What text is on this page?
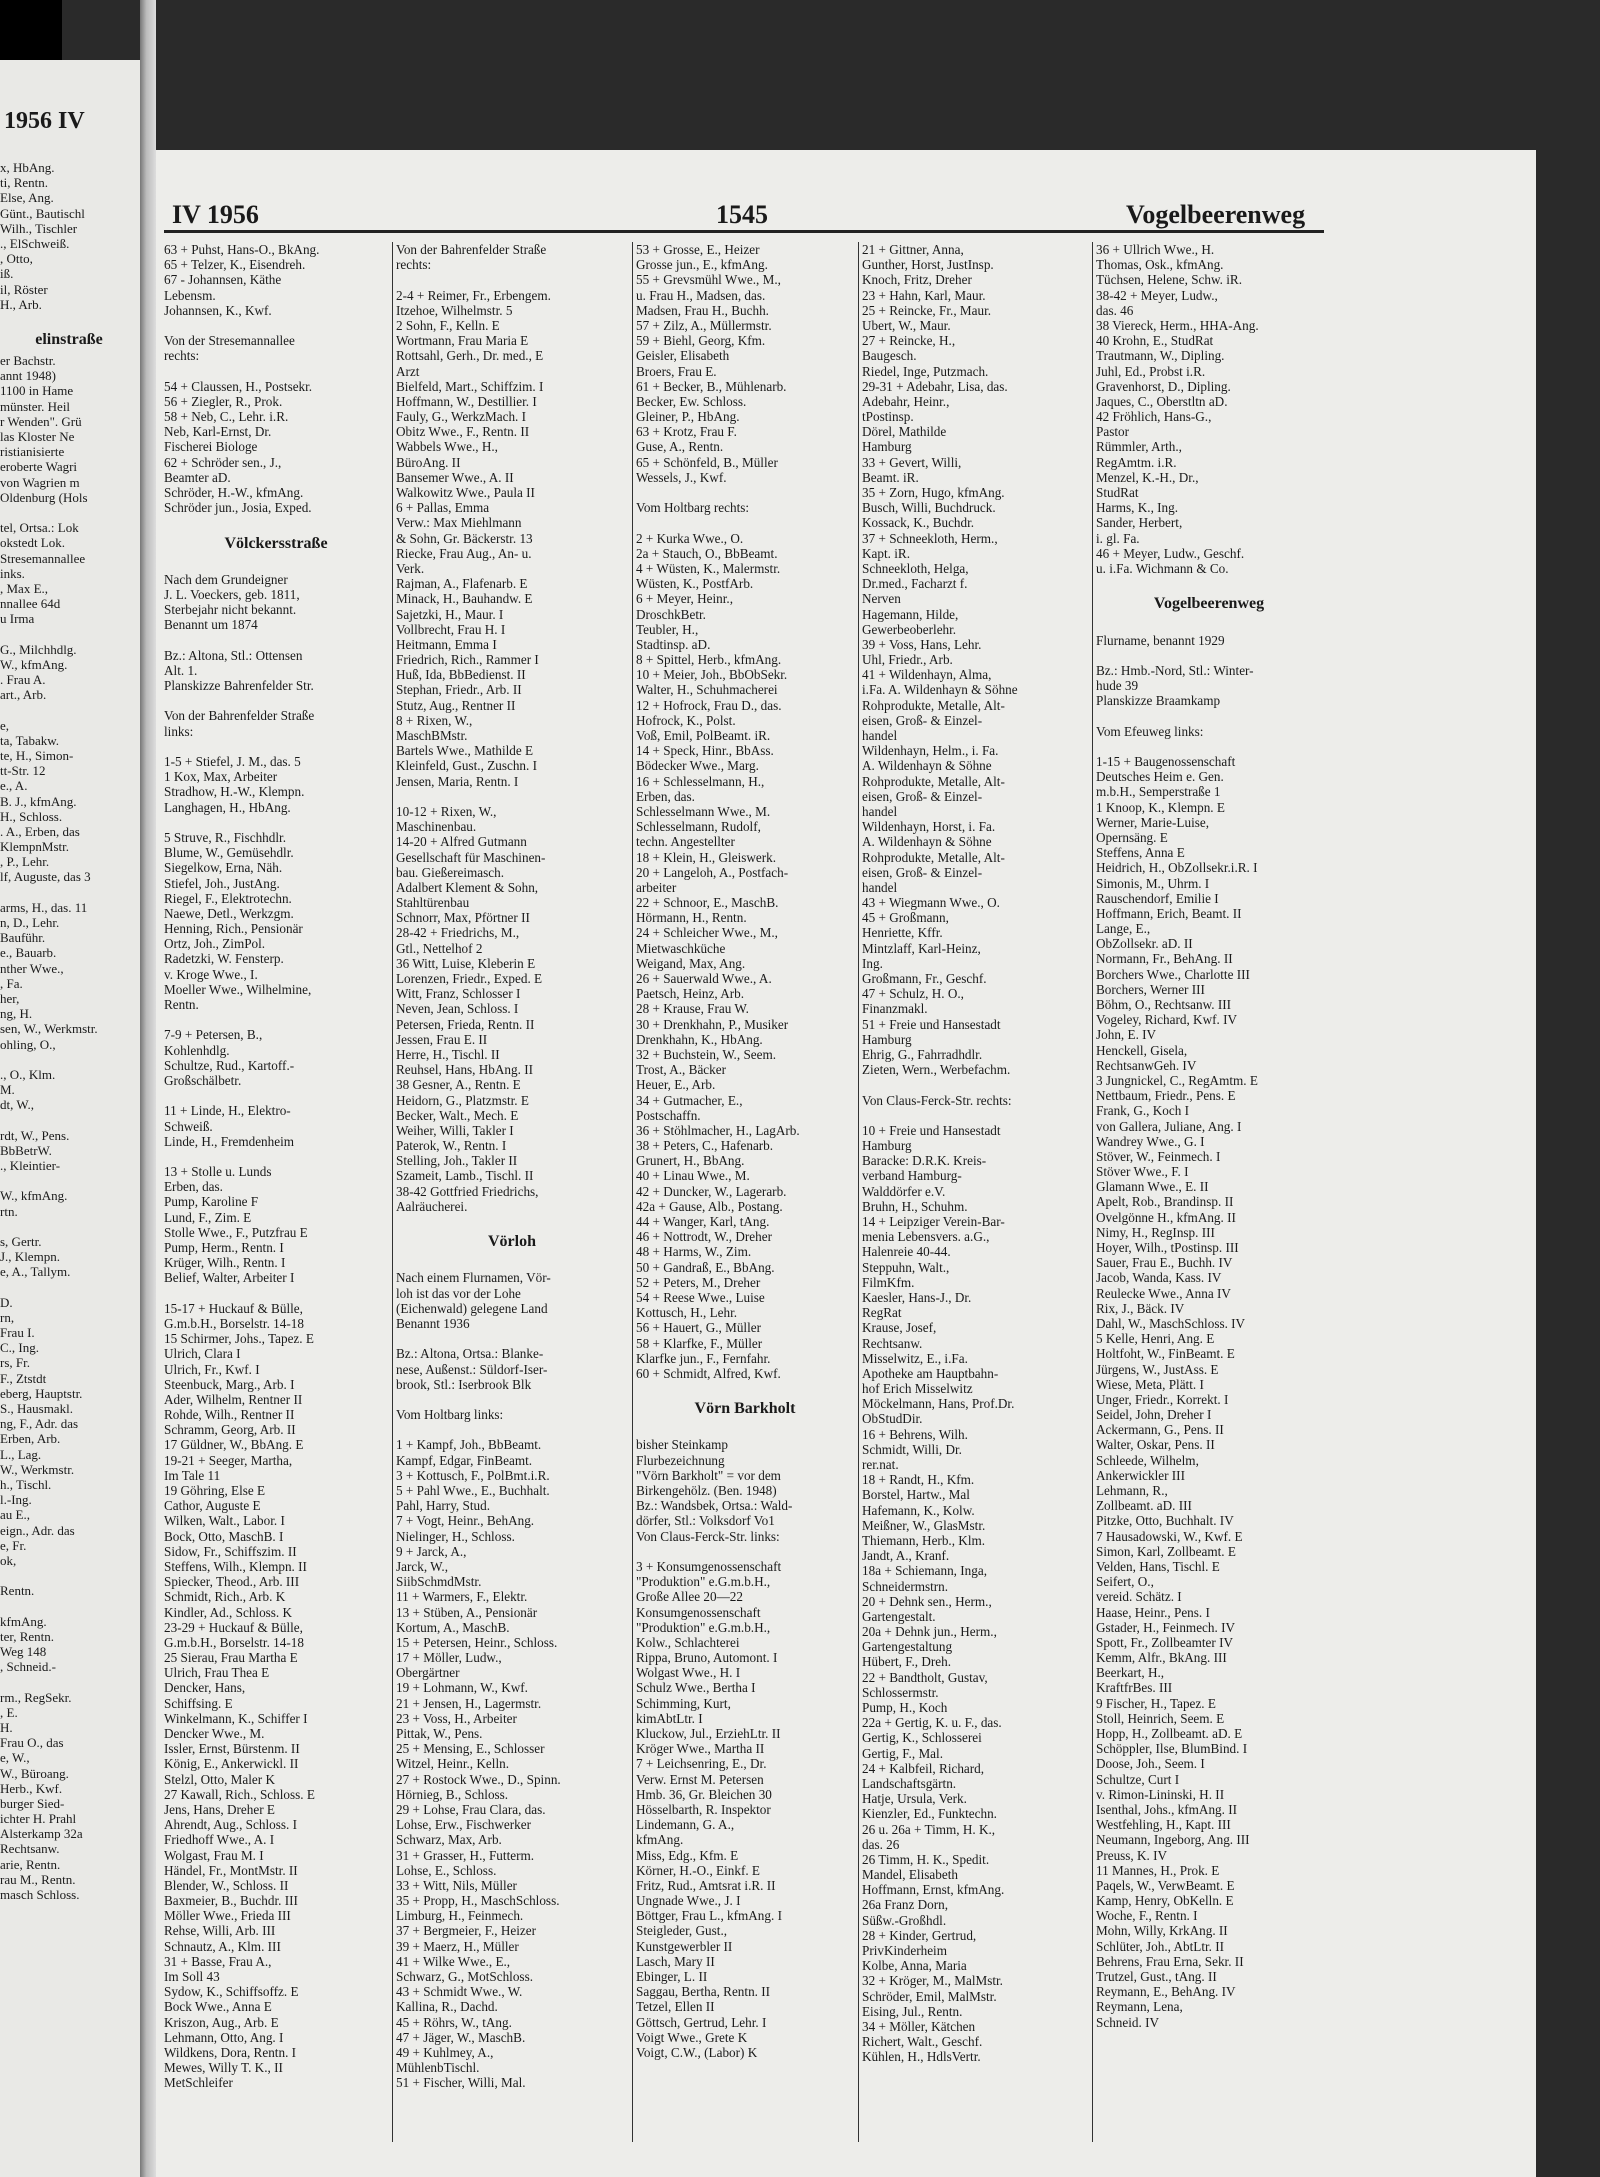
1956 IV
x, HbAng.
ti, Rentn.
Else, Ang.
Günt., Bautischl
Wilh., Tischler
., ElSchweiß.
, Otto,
iß.
il, Röster
H., Arb.
elinstraße
er Bachstr.
annt 1948)
1100 in Hame
münster. Heil
r Wenden". Grü
las Kloster Ne
ristianisierte
eroberte Wagri
von Wagrien m
Oldenburg (Hols
tel, Ortsa.: Lok
okstedt Lok.
Stresemannallee
inks.
, Max E.,
nnallee 64d
u Irma
G., Milchhdlg.
W., kfmAng.
. Frau A.
art., Arb.
e,
ta, Tabakw.
te, H., Simon-
tt-Str. 12
e., A.
B. J., kfmAng.
H., Schloss.
. A., Erben, das
KlempnMstr.
, P., Lehr.
lf, Auguste, das 3
arms, H., das. 11
n, D., Lehr.
Bauführ.
e., Bauarb.
nther Wwe.,
, Fa.
her,
ng, H.
sen, W., Werkmstr.
ohling, O.,
., O., Klm.
M.
dt, W.,
rdt, W., Pens.
BbBetrW.
., Kleintier-
W., kfmAng.
rtn.
s, Gertr.
J., Klempn.
e, A., Tallym.
D.
rn,
Frau I.
C., Ing.
rs, Fr.
F., Ztstdt
eberg, Hauptstr.
S., Hausmakl.
ng, F., Adr. das
Erben, Arb.
L., Lag.
W., Werkmstr.
h., Tischl.
l.-Ing.
au E.,
eign., Adr. das
e, Fr.
ok,
Rentn.
kfmAng.
ter, Rentn.
Weg 148
, Schneid.-
rm., RegSekr.
, E.
H.
Frau O., das
e, W.,
W., Büroang.
Herb., Kwf.
burger Sied-
ichter H. Prahl
Alsterkamp 32a
Rechtsanw.
arie, Rentn.
rau M., Rentn.
masch Schloss.
IV 1956	1545	Vogelbeerenweg
63 + Puhst, Hans-O., BkAng.
65 + Telzer, K., Eisendreh.
67 - Johannsen, Käthe
Lebensm.
Johannsen, K., Kwf.
Von der Stresemannallee
rechts:
54 + Claussen, H., Postsekr.
56 + Ziegler, R., Prok.
58 + Neb, C., Lehr. i.R.
Neb, Karl-Ernst, Dr.
Fischerei Biologe
62 + Schröder sen., J.,
Beamter aD.
Schröder, H.-W., kfmAng.
Schröder jun., Josia, Exped.
Völckersstraße
Nach dem Grundeigner
J. L. Voeckers, geb. 1811,
Sterbejahr nicht bekannt.
Benannt um 1874
Bz.: Altona, Stl.: Ottensen
Alt. 1.
Planskizze Bahrenfelder Str.
Von der Bahrenfelder Straße
links:
1-5 + Stiefel, J. M., das. 5
1 Kox, Max, Arbeiter
Stradhow, H.-W., Klempn.
Langhagen, H., HbAng.
5 Struve, R., Fischhdlr.
Blume, W., Gemüsehdlr.
Siegelkow, Erna, Näh.
Stiefel, Joh., JustAng.
Riegel, F., Elektrotechn.
Naewe, Detl., Werkzgm.
Henning, Rich., Pensionär
Ortz, Joh., ZimPol.
Radetzki, W. Fensterp.
v. Kroge Wwe., I.
Moeller Wwe., Wilhelmine,
Rentn.
7-9 + Petersen, B.,
Kohlenhdlg.
Schultze, Rud., Kartoff.-
Großschälbetr.
11 + Linde, H., Elektro-
Schweiß.
Linde, H., Fremdenheim
13 + Stolle u. Lunds
Erben, das.
Pump, Karoline F
Lund, F., Zim. E
Stolle Wwe., F., Putzfrau E
Pump, Herm., Rentn. I
Krüger, Wilh., Rentn. I
Belief, Walter, Arbeiter I
15-17 + Huckauf & Bülle,
G.m.b.H., Borselstr. 14-18
15 Schirmer, Johs., Tapez. E
Ulrich, Clara I
Ulrich, Fr., Kwf. I
Steenbuck, Marg., Arb. I
Ader, Wilhelm, Rentner II
Rohde, Wilh., Rentner II
Schramm, Georg, Arb. II
17 Güldner, W., BbAng. E
19-21 + Seeger, Martha,
Im Tale 11
19 Göhring, Else E
Cathor, Auguste E
Wilken, Walt., Labor. I
Bock, Otto, MaschB. I
Sidow, Fr., Schiffszim. II
Steffens, Wilh., Klempn. II
Spiecker, Theod., Arb. III
Schmidt, Rich., Arb. K
Kindler, Ad., Schloss. K
23-29 + Huckauf & Bülle,
G.m.b.H., Borselstr. 14-18
25 Sierau, Frau Martha E
Ulrich, Frau Thea E
Dencker, Hans,
Schiffsing. E
Winkelmann, K., Schiffer I
Dencker Wwe., M.
Issler, Ernst, Bürstenm. II
König, E., Ankerwickl. II
Stelzl, Otto, Maler K
27 Kawall, Rich., Schloss. E
Jens, Hans, Dreher E
Ahrendt, Aug., Schloss. I
Friedhoff Wwe., A. I
Wolgast, Frau M. I
Händel, Fr., MontMstr. II
Blender, W., Schloss. II
Baxmeier, B., Buchdr. III
Möller Wwe., Frieda III
Rehse, Willi, Arb. III
Schnautz, A., Klm. III
31 + Basse, Frau A.,
Im Soll 43
Sydow, K., Schiffsoffz. E
Bock Wwe., Anna E
Kriszon, Aug., Arb. E
Lehmann, Otto, Ang. I
Wildkens, Dora, Rentn. I
Mewes, Willy T. K., II
MetSchleifer
Von der Bahrenfelder Straße
rechts:
2-4 + Reimer, Fr., Erbengem.
Itzehoe, Wilhelmstr. 5
2 Sohn, F., Kelln. E
Wortmann, Frau Maria E
Rottsahl, Gerh., Dr. med., E
Arzt
Bielfeld, Mart., Schiffzim. I
Hoffmann, W., Destillier. I
Fauly, G., WerkzMach. I
Obitz Wwe., F., Rentn. II
Wabbels Wwe., H.,
BüroAng. II
Bansemer Wwe., A. II
Walkowitz Wwe., Paula II
6 + Pallas, Emma
Verw.: Max Miehlmann
& Sohn, Gr. Bäckerstr. 13
Riecke, Frau Aug., An- u.
Verk.
Rajman, A., Flafenarb. E
Minack, H., Bauhandw. E
Sajetzki, H., Maur. I
Vollbrecht, Frau H. I
Heitmann, Emma I
Friedrich, Rich., Rammer I
Huß, Ida, BbBedienst. II
Stephan, Friedr., Arb. II
Stutz, Aug., Rentner II
8 + Rixen, W.,
MaschBMstr.
Bartels Wwe., Mathilde E
Kleinfeld, Gust., Zuschn. I
Jensen, Maria, Rentn. I
10-12 + Rixen, W.,
Maschinenbau.
14-20 + Alfred Gutmann
Gesellschaft für Maschinen-
bau. Gießereimasch.
Adalbert Klement & Sohn,
Stahltürenbau
Schnorr, Max, Pförtner II
28-42 + Friedrichs, M.,
Gtl., Nettelhof 2
36 Witt, Luise, Kleberin E
Lorenzen, Friedr., Exped. E
Witt, Franz, Schlosser I
Neven, Jean, Schloss. I
Petersen, Frieda, Rentn. II
Jessen, Frau E. II
Herre, H., Tischl. II
Reuhsel, Hans, HbAng. II
38 Gesner, A., Rentn. E
Heidorn, G., Platzmstr. E
Becker, Walt., Mech. E
Weiher, Willi, Takler I
Paterok, W., Rentn. I
Stelling, Joh., Takler II
Szameit, Lamb., Tischl. II
38-42 Gottfried Friedrichs,
Aalräucherei.
Vörloh
Nach einem Flurnamen, Vör-
loh ist das vor der Lohe
(Eichenwald) gelegene Land
Benannt 1936
Bz.: Altona, Ortsa.: Blanke-
nese, Außenst.: Süldorf-Iser-
brook, Stl.: Iserbrook Blk
Vom Holtbarg links:
1 + Kampf, Joh., BbBeamt.
Kampf, Edgar, FinBeamt.
3 + Kottusch, F., PolBmt.i.R.
5 + Pahl Wwe., E., Buchhalt.
Pahl, Harry, Stud.
7 + Vogt, Heinr., BehAng.
Nielinger, H., Schloss.
9 + Jarck, A.,
Jarck, W.,
SiibSchmdMstr.
11 + Warmers, F., Elektr.
13 + Stüben, A., Pensionär
Kortum, A., MaschB.
15 + Petersen, Heinr., Schloss.
17 + Möller, Ludw.,
Obergärtner
19 + Lohmann, W., Kwf.
21 + Jensen, H., Lagermstr.
23 + Voss, H., Arbeiter
Pittak, W., Pens.
25 + Mensing, E., Schlosser
Witzel, Heinr., Kelln.
27 + Rostock Wwe., D., Spinn.
Hörnieg, B., Schloss.
29 + Lohse, Frau Clara, das.
Lohse, Erw., Fischwerker
Schwarz, Max, Arb.
31 + Grasser, H., Futterm.
Lohse, E., Schloss.
33 + Witt, Nils, Müller
35 + Propp, H., MaschSchloss.
Limburg, H., Feinmech.
37 + Bergmeier, F., Heizer
39 + Maerz, H., Müller
41 + Wilke Wwe., E.,
Schwarz, G., MotSchloss.
43 + Schmidt Wwe., W.
Kallina, R., Dachd.
45 + Röhrs, W., tAng.
47 + Jäger, W., MaschB.
49 + Kuhlmey, A.,
MühlenbTischl.
51 + Fischer, Willi, Mal.
53 + Grosse, E., Heizer
Grosse jun., E., kfmAng.
55 + Grevsmühl Wwe., M.,
u. Frau H., Madsen, das.
Madsen, Frau H., Buchh.
57 + Zilz, A., Müllermstr.
59 + Biehl, Georg, Kfm.
Geisler, Elisabeth
Broers, Frau E.
61 + Becker, B., Mühlenarb.
Becker, Ew. Schloss.
Gleiner, P., HbAng.
63 + Krotz, Frau F.
Guse, A., Rentn.
65 + Schönfeld, B., Müller
Wessels, J., Kwf.
Vom Holtbarg rechts:
2 + Kurka Wwe., O.
2a + Stauch, O., BbBeamt.
4 + Wüsten, K., Malermstr.
Wüsten, K., PostfArb.
6 + Meyer, Heinr.,
DroschkBetr.
Teubler, H.,
Stadtinsp. aD.
8 + Spittel, Herb., kfmAng.
10 + Meier, Joh., BbObSekr.
Walter, H., Schuhmacherei
12 + Hofrock, Frau D., das.
Hofrock, K., Polst.
Voß, Emil, PolBeamt. iR.
14 + Speck, Hinr., BbAss.
Bödecker Wwe., Marg.
16 + Schlesselmann, H.,
Erben, das.
Schlesselmann Wwe., M.
Schlesselmann, Rudolf,
techn. Angestellter
18 + Klein, H., Gleiswerk.
20 + Langeloh, A., Postfach-
arbeiter
22 + Schnoor, E., MaschB.
Hörmann, H., Rentn.
24 + Schleicher Wwe., M.,
Mietwaschküche
Weigand, Max, Ang.
26 + Sauerwald Wwe., A.
Paetsch, Heinz, Arb.
28 + Krause, Frau W.
30 + Drenkhahn, P., Musiker
Drenkhahn, K., HbAng.
32 + Buchstein, W., Seem.
Trost, A., Bäcker
Heuer, E., Arb.
34 + Gutmacher, E.,
Postschaffn.
36 + Stöhlmacher, H., LagArb.
38 + Peters, C., Hafenarb.
Grunert, H., BbAng.
40 + Linau Wwe., M.
42 + Duncker, W., Lagerarb.
42a + Gause, Alb., Postang.
44 + Wanger, Karl, tAng.
46 + Nottrodt, W., Dreher
48 + Harms, W., Zim.
50 + Gandraß, E., BbAng.
52 + Peters, M., Dreher
54 + Reese Wwe., Luise
Kottusch, H., Lehr.
56 + Hauert, G., Müller
58 + Klarfke, F., Müller
Klarfke jun., F., Fernfahr.
60 + Schmidt, Alfred, Kwf.
Vörn Barkholt
bisher Steinkamp
Flurbezeichnung
"Vörn Barkholt" = vor dem
Birkengehölz. (Ben. 1948)
Bz.: Wandsbek, Ortsa.: Wald-
dörfer, Stl.: Volksdorf Vo1
Von Claus-Ferck-Str. links:
3 + Konsumgenossenschaft
"Produktion" e.G.m.b.H.,
Große Allee 20—22
Konsumgenossenschaft
"Produktion" e.G.m.b.H.,
Kolw., Schlachterei
Rippa, Bruno, Automont. I
Wolgast Wwe., H. I
Schulz Wwe., Bertha I
Schimming, Kurt,
kimAbtLtr. I
Kluckow, Jul., ErziehLtr. II
Kröger Wwe., Martha II
7 + Leichsenring, E., Dr.
Verw. Ernst M. Petersen
Hmb. 36, Gr. Bleichen 30
Hösselbarth, R. Inspektor
Lindemann, G. A.,
kfmAng.
Miss, Edg., Kfm. E
Körner, H.-O., Einkf. E
Fritz, Rud., Amtsrat i.R. II
Ungnade Wwe., J. I
Böttger, Frau L., kfmAng. I
Steigleder, Gust.,
Kunstgewerbler II
Lasch, Mary II
Ebinger, L. II
Saggau, Bertha, Rentn. II
Tetzel, Ellen II
Göttsch, Gertrud, Lehr. I
Voigt Wwe., Grete K
Voigt, C.W., (Labor) K
21 + Gittner, Anna,
Gunther, Horst, JustInsp.
Knoch, Fritz, Dreher
23 + Hahn, Karl, Maur.
25 + Reincke, Fr., Maur.
Ubert, W., Maur.
27 + Reincke, H.,
Baugesch.
Riedel, Inge, Putzmach.
29-31 + Adebahr, Lisa, das.
Adebahr, Heinr.,
tPostinsp.
Dörel, Mathilde
Hamburg
33 + Gevert, Willi,
Beamt. iR.
35 + Zorn, Hugo, kfmAng.
Busch, Willi, Buchdruck.
Kossack, K., Buchdr.
37 + Schneekloth, Herm.,
Kapt. iR.
Schneekloth, Helga,
Dr.med., Facharzt f.
Nerven
Hagemann, Hilde,
Gewerbeoberlehr.
39 + Voss, Hans, Lehr.
Uhl, Friedr., Arb.
41 + Wildenhayn, Alma,
i.Fa. A. Wildenhayn & Söhne
Rohprodukte, Metalle, Alt-
eisen, Groß- & Einzel-
handel
Wildenhayn, Helm., i. Fa.
A. Wildenhayn & Söhne
Rohprodukte, Metalle, Alt-
eisen, Groß- & Einzel-
handel
Wildenhayn, Horst, i. Fa.
A. Wildenhayn & Söhne
Rohprodukte, Metalle, Alt-
eisen, Groß- & Einzel-
handel
43 + Wiegmann Wwe., O.
45 + Großmann,
Henriette, Kffr.
Mintzlaff, Karl-Heinz,
Ing.
Großmann, Fr., Geschf.
47 + Schulz, H. O.,
Finanzmakl.
51 + Freie und Hansestadt
Hamburg
Ehrig, G., Fahrradhdlr.
Zieten, Wern., Werbefachm.
Von Claus-Ferck-Str. rechts:
10 + Freie und Hansestadt
Hamburg
Baracke: D.R.K. Kreis-
verband Hamburg-
Walddörfer e.V.
Bruhn, H., Schuhm.
14 + Leipziger Verein-Bar-
menia Lebensvers. a.G.,
Halenreie 40-44.
Steppuhn, Walt.,
FilmKfm.
Kaesler, Hans-J., Dr.
RegRat
Krause, Josef,
Rechtsanw.
Misselwitz, E., i.Fa.
Apotheke am Hauptbahn-
hof Erich Misselwitz
Möckelmann, Hans, Prof.Dr.
ObStudDir.
16 + Behrens, Wilh.
Schmidt, Willi, Dr.
rer.nat.
18 + Randt, H., Kfm.
Borstel, Hartw., Mal
Hafemann, K., Kolw.
Meißner, W., GlasMstr.
Thiemann, Herb., Klm.
Jandt, A., Kranf.
18a + Schiemann, Inga,
Schneidermstrn.
20 + Dehnk sen., Herm.,
Gartengestalt.
20a + Dehnk jun., Herm.,
Gartengestaltung
Hübert, F., Dreh.
22 + Bandtholt, Gustav,
Schlossermstr.
Pump, H., Koch
22a + Gertig, K. u. F., das.
Gertig, K., Schlosserei
Gertig, F., Mal.
24 + Kalbfeil, Richard,
Landschaftsgärtn.
Hatje, Ursula, Verk.
Kienzler, Ed., Funktechn.
26 u. 26a + Timm, H. K.,
das. 26
26 Timm, H. K., Spedit.
Mandel, Elisabeth
Hoffmann, Ernst, kfmAng.
26a Franz Dorn,
Süßw.-Großhdl.
28 + Kinder, Gertrud,
PrivKinderheim
Kolbe, Anna, Maria
32 + Kröger, M., MalMstr.
Schröder, Emil, MalMstr.
Eising, Jul., Rentn.
34 + Möller, Kätchen
Richert, Walt., Geschf.
Kühlen, H., HdlsVertr.
36 + Ullrich Wwe., H.
Thomas, Osk., kfmAng.
Tüchsen, Helene, Schw. iR.
38-42 + Meyer, Ludw.,
das. 46
38 Viereck, Herm., HHA-Ang.
40 Krohn, E., StudRat
Trautmann, W., Dipling.
Juhl, Ed., Probst i.R.
Gravenhorst, D., Dipling.
Jaques, C., Oberstltn aD.
42 Fröhlich, Hans-G.,
Pastor
Rümmler, Arth.,
RegAmtm. i.R.
Menzel, K.-H., Dr.,
StudRat
Harms, K., Ing.
Sander, Herbert,
i. gl. Fa.
46 + Meyer, Ludw., Geschf.
u. i.Fa. Wichmann & Co.
Vogelbeerenweg
Flurname, benannt 1929
Bz.: Hmb.-Nord, Stl.: Winter-
hude 39
Planskizze Braamkamp
Vom Efeuweg links:
1-15 + Baugenossenschaft
Deutsches Heim e. Gen.
m.b.H., Semperstraße 1
1 Knoop, K., Klempn. E
Werner, Marie-Luise,
Opernsäng. E
Steffens, Anna E
Heidrich, H., ObZollsekr.i.R. I
Simonis, M., Uhrm. I
Rauschendorf, Emilie I
Hoffmann, Erich, Beamt. II
Lange, E.,
ObZollsekr. aD. II
Normann, Fr., BehAng. II
Borchers Wwe., Charlotte III
Borchers, Werner III
Böhm, O., Rechtsanw. III
Vogeley, Richard, Kwf. IV
John, E. IV
Henckell, Gisela,
RechtsanwGeh. IV
3 Jungnickel, C., RegAmtm. E
Nettbaum, Friedr., Pens. E
Frank, G., Koch I
von Gallera, Juliane, Ang. I
Wandrey Wwe., G. I
Stöver, W., Feinmech. I
Stöver Wwe., F. I
Glamann Wwe., E. II
Apelt, Rob., Brandinsp. II
Ovelgönne H., kfmAng. II
Nimy, H., RegInsp. III
Hoyer, Wilh., tPostinsp. III
Sauer, Frau E., Buchh. IV
Jacob, Wanda, Kass. IV
Reulecke Wwe., Anna IV
Rix, J., Bäck. IV
Dahl, W., MaschSchloss. IV
5 Kelle, Henri, Ang. E
Holtfoht, W., FinBeamt. E
Jürgens, W., JustAss. E
Wiese, Meta, Plätt. I
Unger, Friedr., Korrekt. I
Seidel, John, Dreher I
Ackermann, G., Pens. II
Walter, Oskar, Pens. II
Schleede, Wilhelm,
Ankerwickler III
Lehmann, R.,
Zollbeamt. aD. III
Pitzke, Otto, Buchhalt. IV
7 Hausadowski, W., Kwf. E
Simon, Karl, Zollbeamt. E
Velden, Hans, Tischl. E
Seifert, O.,
vereid. Schätz. I
Haase, Heinr., Pens. I
Gstader, H., Feinmech. IV
Spott, Fr., Zollbeamter IV
Kemm, Alfr., BkAng. III
Beerkart, H.,
KraftfrBes. III
9 Fischer, H., Tapez. E
Stoll, Heinrich, Seem. E
Hopp, H., Zollbeamt. aD. E
Schöppler, Ilse, BlumBind. I
Doose, Joh., Seem. I
Schultze, Curt I
v. Rimon-Lininski, H. II
Isenthal, Johs., kfmAng. II
Westfehling, H., Kapt. III
Neumann, Ingeborg, Ang. III
Preuss, K. IV
11 Mannes, H., Prok. E
Paqels, W., VerwBeamt. E
Kamp, Henry, ObKelln. E
Woche, F., Rentn. I
Mohn, Willy, KrkAng. II
Schlüter, Joh., AbtLtr. II
Behrens, Frau Erna, Sekr. II
Trutzel, Gust., tAng. II
Reymann, E., BehAng. IV
Reymann, Lena,
Schneid. IV
